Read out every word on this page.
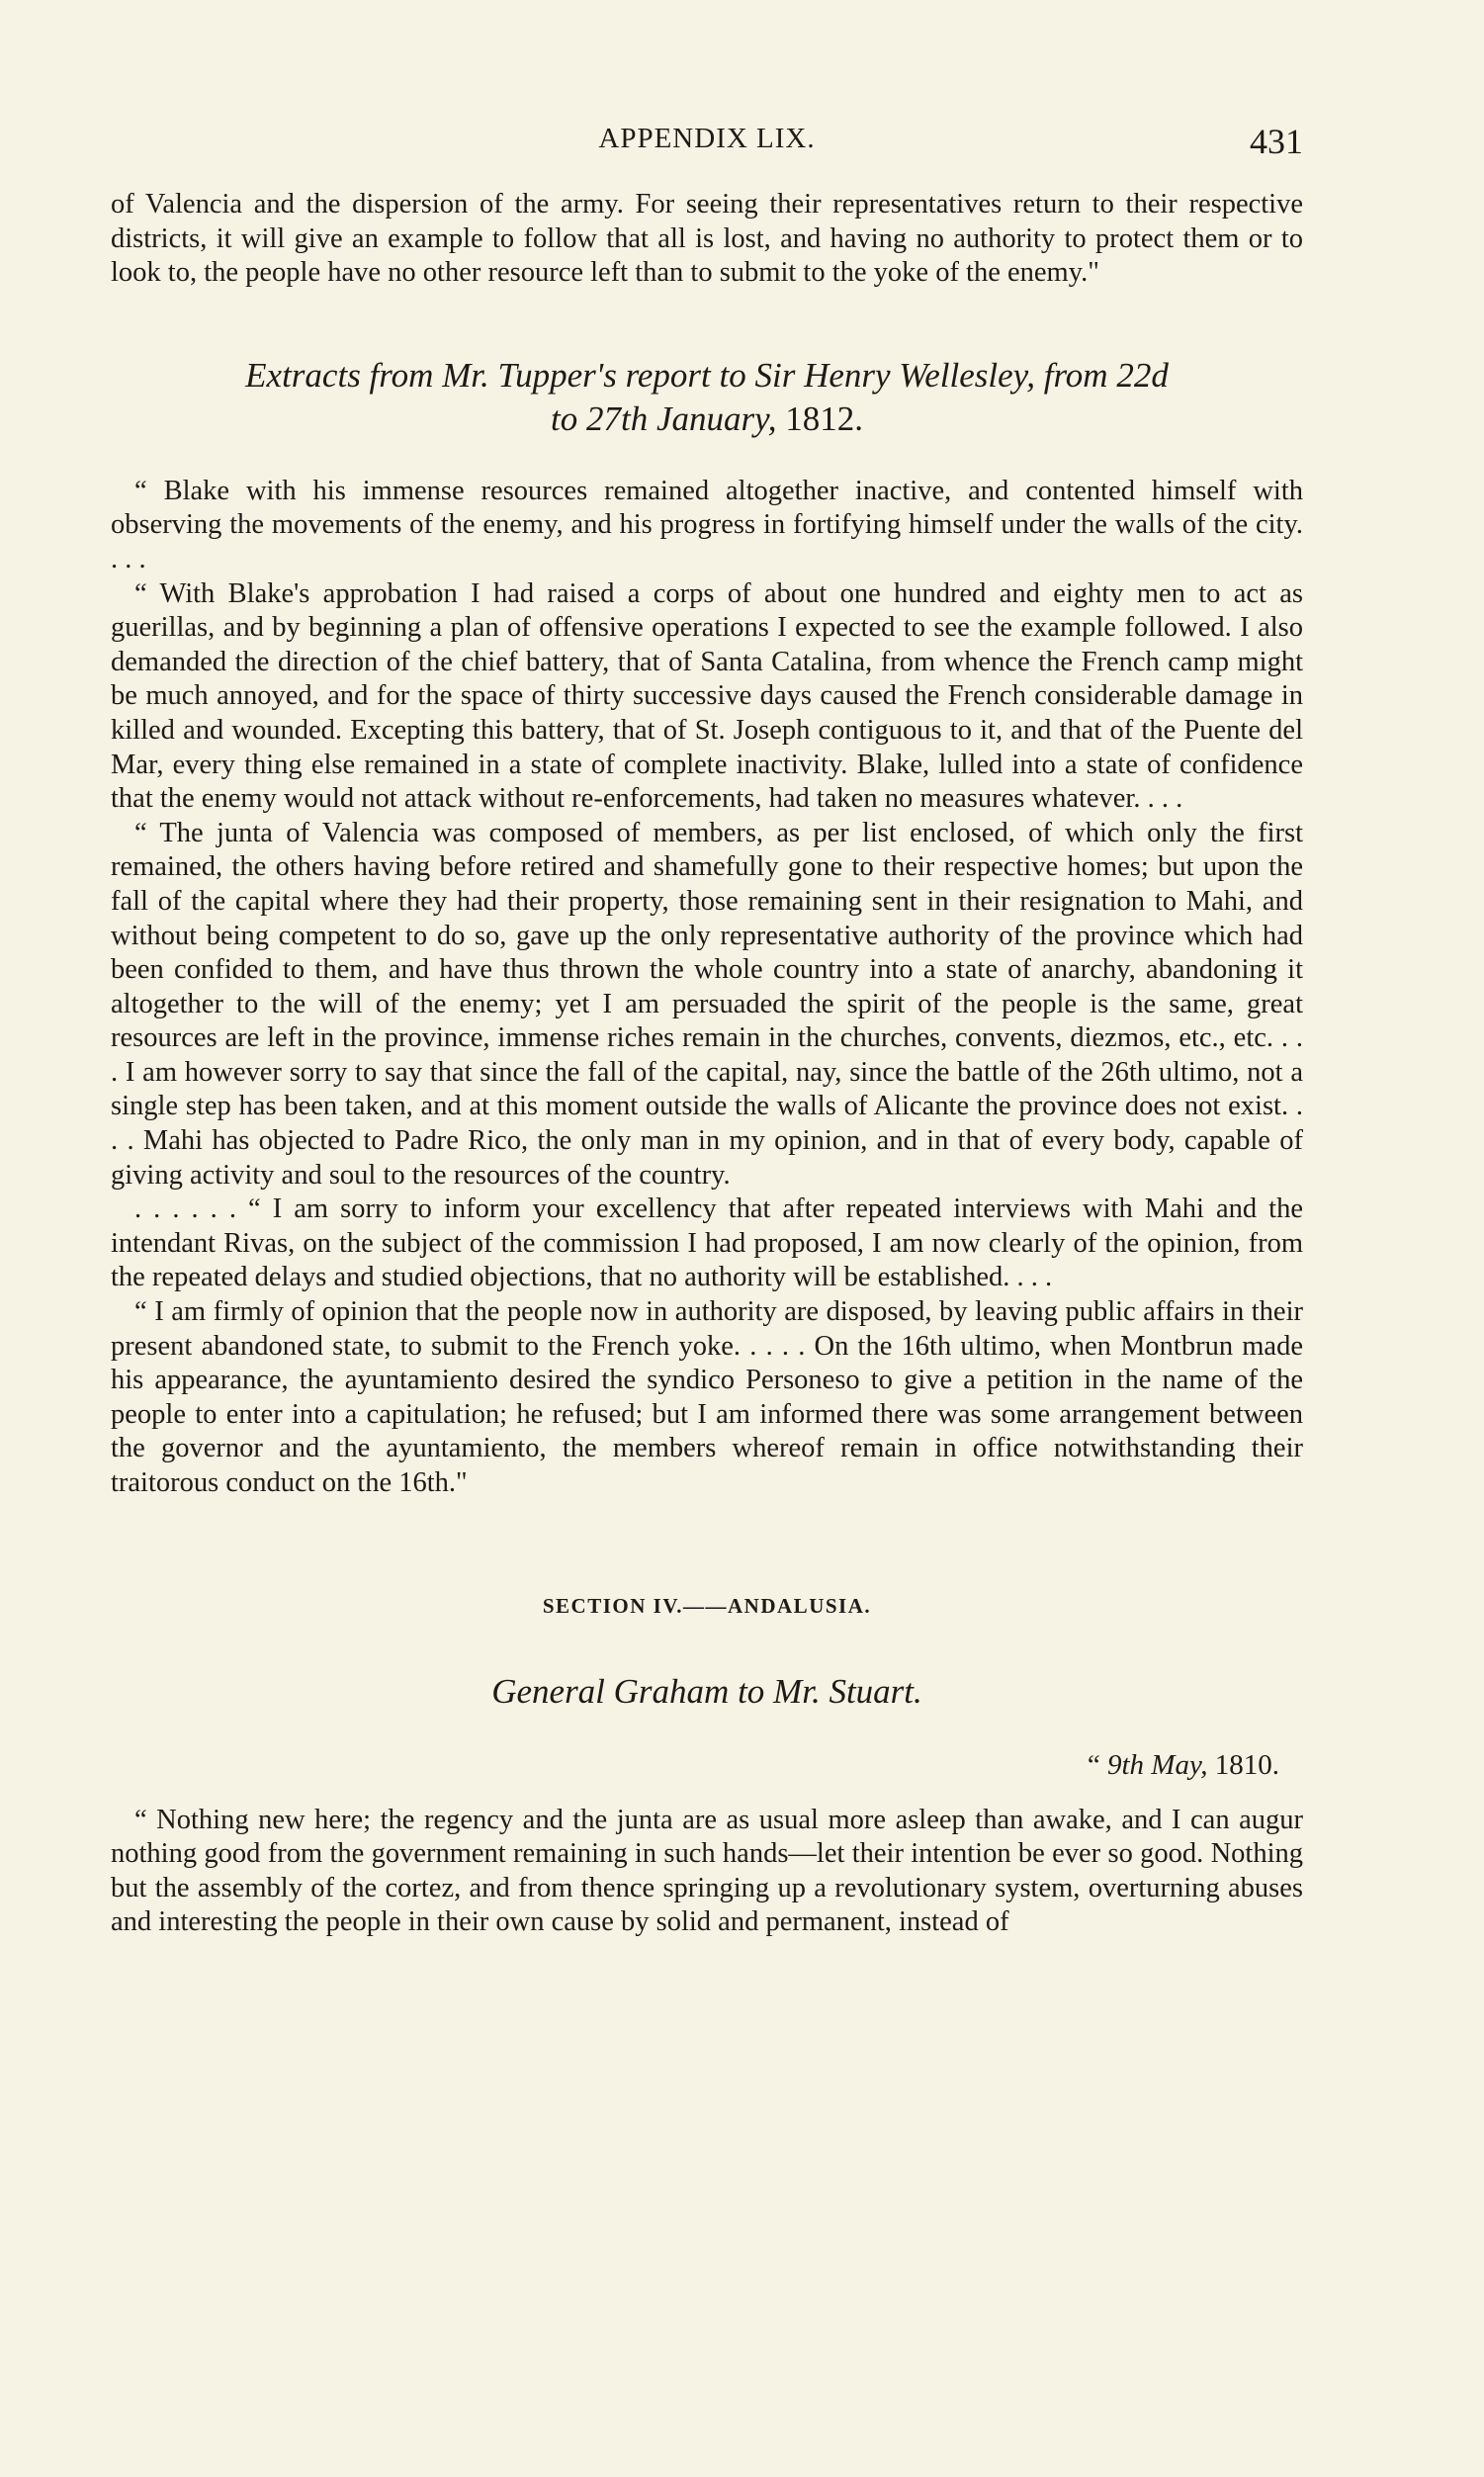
APPENDIX LIX.	431

of Valencia and the dispersion of the army. For seeing their representatives return to their respective districts, it will give an example to follow that all is lost, and having no authority to protect them or to look to, the people have no other resource left than to submit to the yoke of the enemy."

Extracts from Mr. Tupper's report to Sir Henry Wellesley, from 22d
to 27th January, 1812.

“ Blake with his immense resources remained altogether inactive, and contented himself with observing the movements of the enemy, and his progress in fortifying himself under the walls of the city. . . .

“ With Blake's approbation I had raised a corps of about one hundred and eighty men to act as guerillas, and by beginning a plan of offensive operations I expected to see the example followed. I also demanded the direction of the chief battery, that of Santa Catalina, from whence the French camp might be much annoyed, and for the space of thirty successive days caused the French considerable damage in killed and wounded. Excepting this battery, that of St. Joseph contiguous to it, and that of the Puente del Mar, every thing else remained in a state of complete inactivity. Blake, lulled into a state of confidence that the enemy would not attack without re-enforcements, had taken no measures whatever. . . .

“ The junta of Valencia was composed of members, as per list enclosed, of which only the first remained, the others having before retired and shamefully gone to their respective homes; but upon the fall of the capital where they had their property, those remaining sent in their resignation to Mahi, and without being competent to do so, gave up the only representative authority of the province which had been confided to them, and have thus thrown the whole country into a state of anarchy, abandoning it altogether to the will of the enemy; yet I am persuaded the spirit of the people is the same, great resources are left in the province, immense riches remain in the churches, convents, diezmos, etc., etc. . . . I am however sorry to say that since the fall of the capital, nay, since the battle of the 26th ultimo, not a single step has been taken, and at this moment outside the walls of Alicante the province does not exist. . . . Mahi has objected to Padre Rico, the only man in my opinion, and in that of every body, capable of giving activity and soul to the resources of the country.

. . . . . . “ I am sorry to inform your excellency that after repeated interviews with Mahi and the intendant Rivas, on the subject of the commission I had proposed, I am now clearly of the opinion, from the repeated delays and studied objections, that no authority will be established. . . .

“ I am firmly of opinion that the people now in authority are disposed, by leaving public affairs in their present abandoned state, to submit to the French yoke. . . . . On the 16th ultimo, when Montbrun made his appearance, the ayuntamiento desired the syndico Personeso to give a petition in the name of the people to enter into a capitulation; he refused; but I am informed there was some arrangement between the governor and the ayuntamiento, the members whereof remain in office notwithstanding their traitorous conduct on the 16th."

SECTION IV.——ANDALUSIA.
General Graham to Mr. Stuart.
“ 9th May, 1810.

“ Nothing new here; the regency and the junta are as usual more asleep than awake, and I can augur nothing good from the government remaining in such hands—let their intention be ever so good. Nothing but the assembly of the cortez, and from thence springing up a revolutionary system, overturning abuses and interesting the people in their own cause by solid and permanent, instead of
